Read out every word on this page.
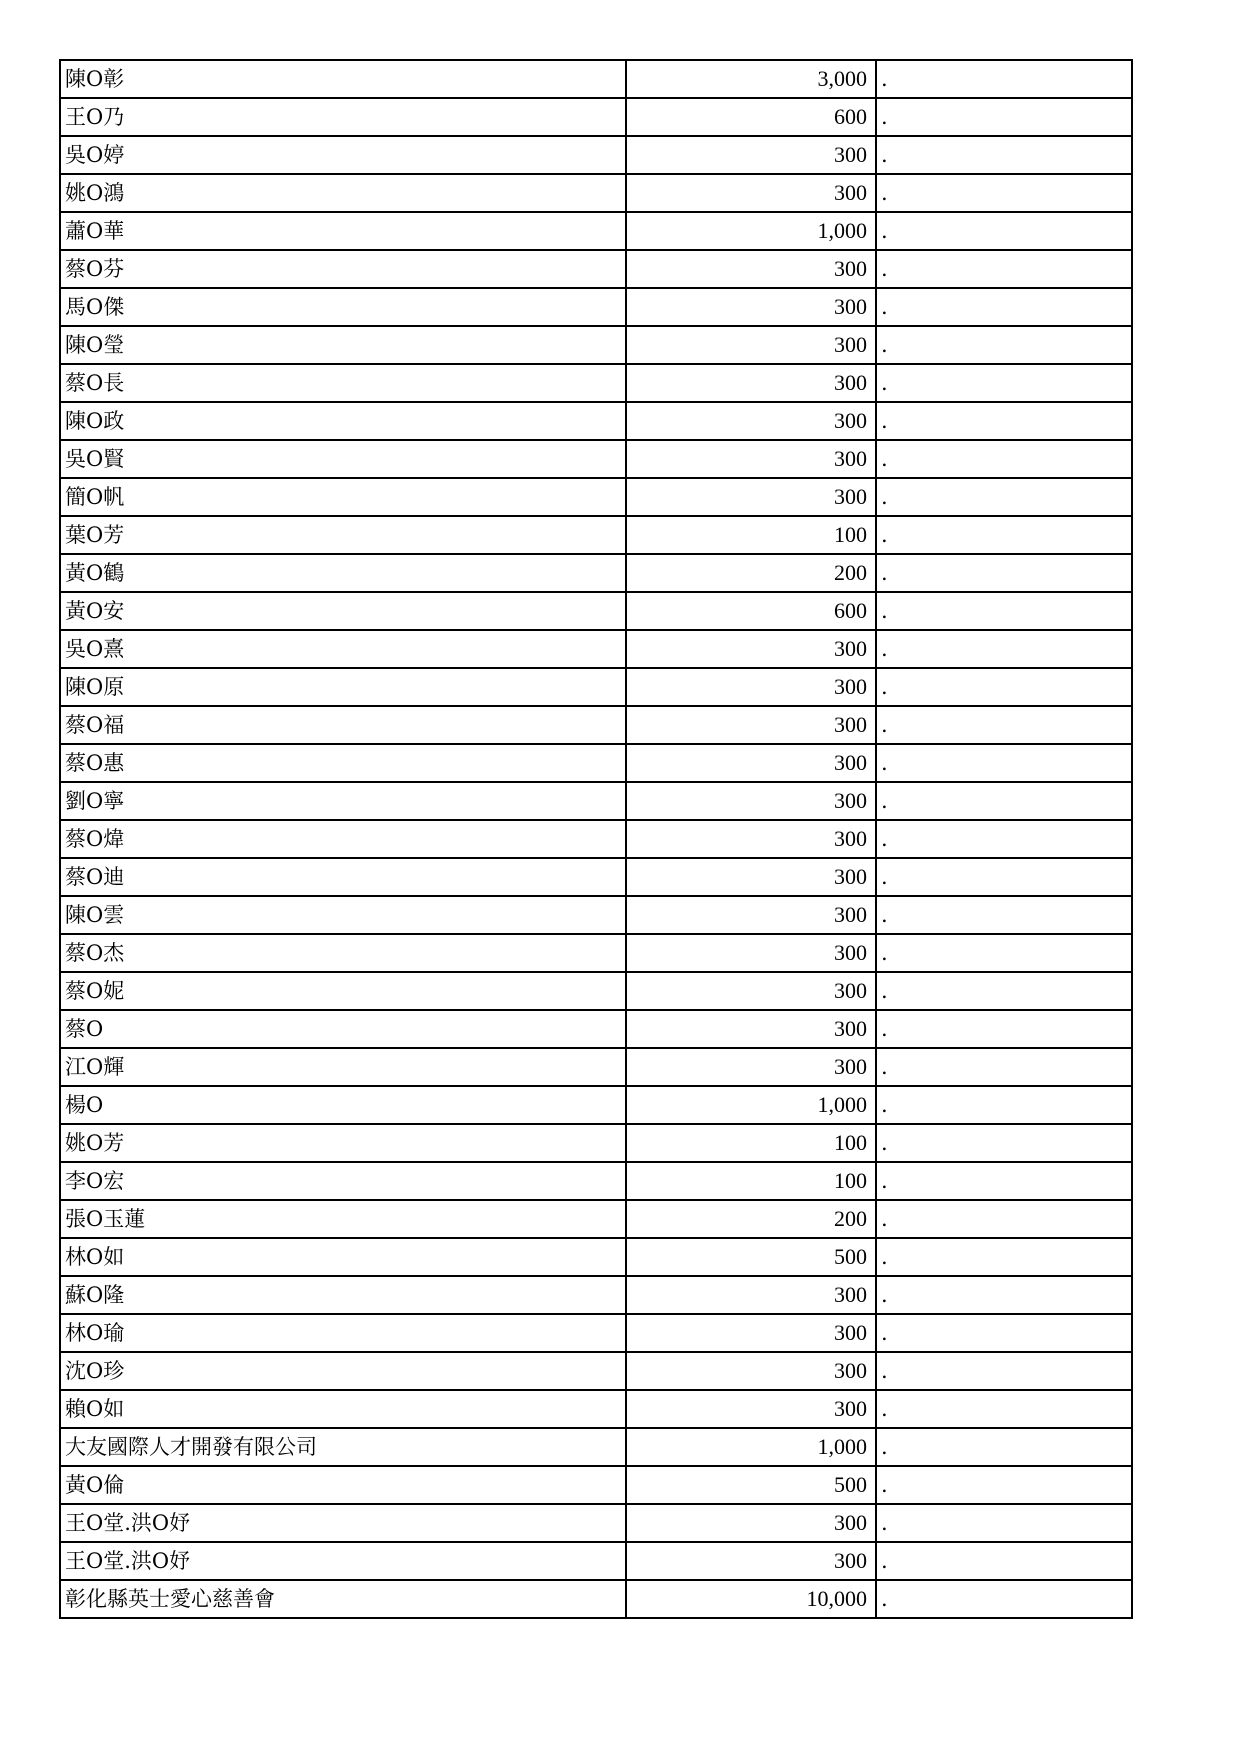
陳O彰	3,000	.
王O乃	600	.
吳O婷	300	.
姚O鴻	300	.
蕭O華	1,000	.
蔡O芬	300	.
馬O傑	300	.
陳O瑩	300	.
蔡O長	300	.
陳O政	300	.
吳O賢	300	.
簡O帆	300	.
葉O芳	100	.
黃O鶴	200	.
黃O安	600	.
吳O熹	300	.
陳O原	300	.
蔡O福	300	.
蔡O惠	300	.
劉O寧	300	.
蔡O煒	300	.
蔡O迪	300	.
陳O雲	300	.
蔡O杰	300	.
蔡O妮	300	.
蔡O	300	.
江O輝	300	.
楊O	1,000	.
姚O芳	100	.
李O宏	100	.
張O玉蓮	200	.
林O如	500	.
蘇O隆	300	.
林O瑜	300	.
沈O珍	300	.
賴O如	300	.
大友國際人才開發有限公司	1,000	.
黃O倫	500	.
王O堂.洪O妤	300	.
王O堂.洪O妤	300	.
彰化縣英士愛心慈善會	10,000	.
